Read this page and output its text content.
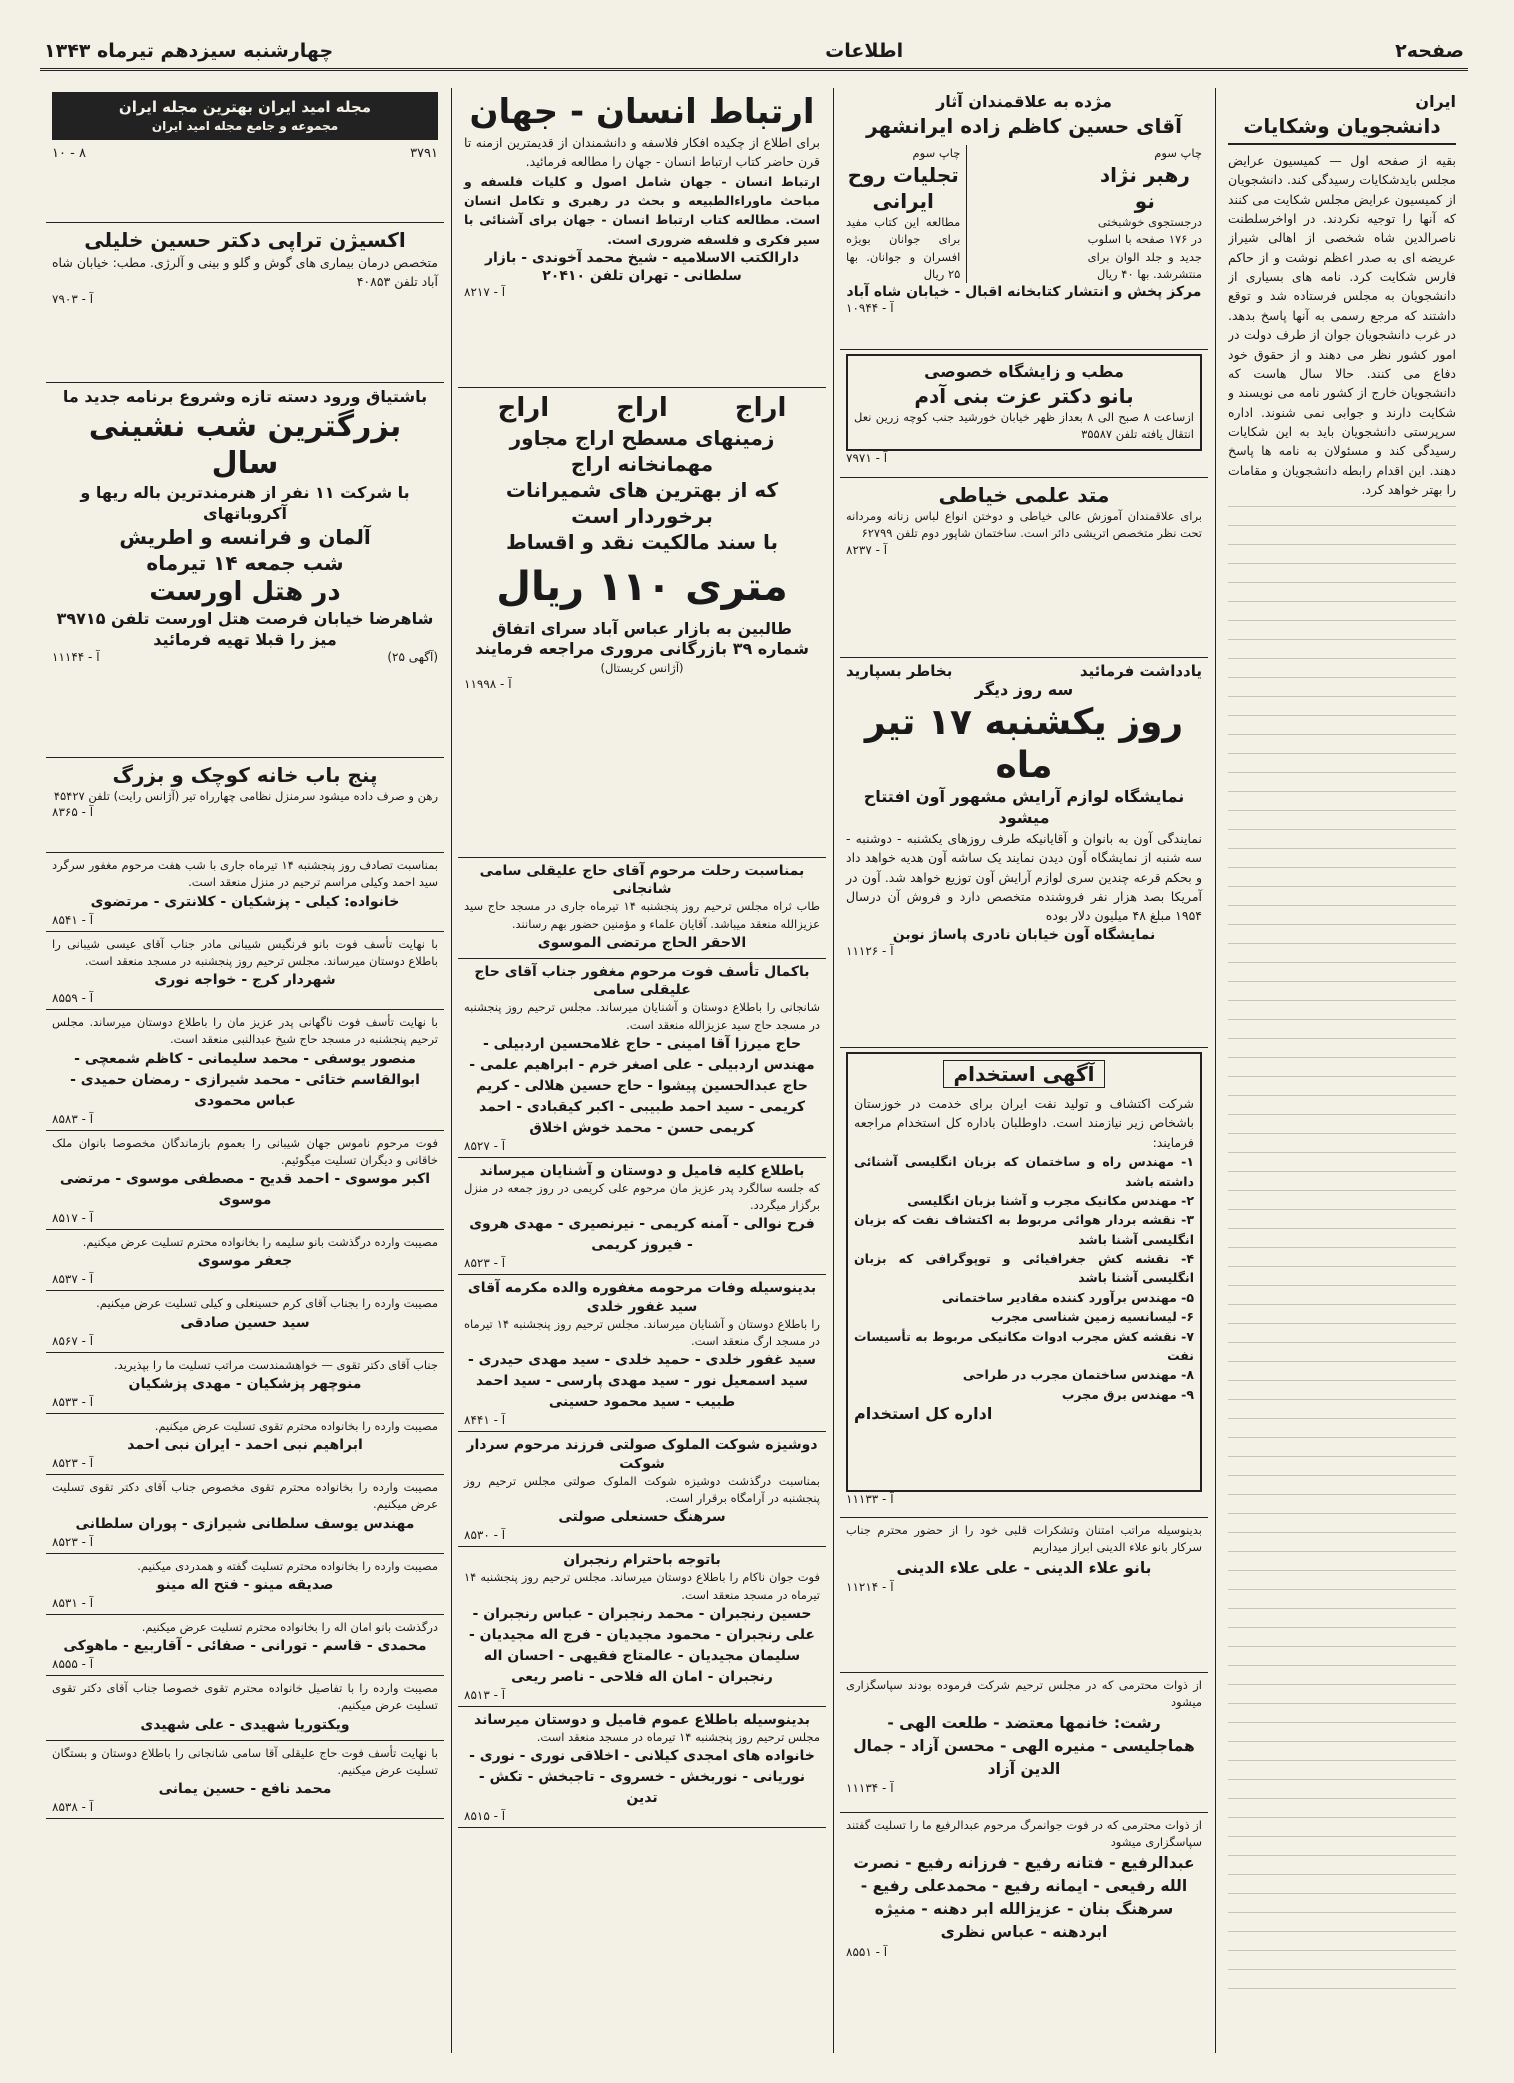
صفحه۲
اطلاعات
چهارشنبه سیزدهم تیرماه ۱۳۴۳
ایران
دانشجویان وشکایات
بقیه از صفحه اول — کمیسیون عرایض مجلس بایدشکایات رسیدگی کند. دانشجویان از کمیسیون عرایض مجلس شکایت می کنند که آنها را توجیه نکردند. در اواخرسلطنت ناصرالدین شاه شخصی از اهالی شیراز عریضه ای به صدر اعظم نوشت و از حاکم فارس شکایت کرد. نامه های بسیاری از دانشجویان به مجلس فرستاده شد و توقع داشتند که مرجع رسمی به آنها پاسخ بدهد. در غرب دانشجویان جوان از طرف دولت در امور کشور نظر می دهند و از حقوق خود دفاع می کنند. حالا سال هاست که دانشجویان خارج از کشور نامه می نویسند و شکایت دارند و جوابی نمی شنوند. اداره سرپرستی دانشجویان باید به این شکایات رسیدگی کند و مسئولان به نامه ها پاسخ دهند. این اقدام رابطه دانشجویان و مقامات را بهتر خواهد کرد.
مژده به علاقمندان آثار
آقای حسین کاظم زاده ایرانشهر
چاپ سوم
رهبر نژاد نو
درجستجوی خوشبختی
در ۱۷۶ صفحه با اسلوب جدید و جلد الوان برای منتشرشد. بها ۴۰ ریال
چاپ سوم
تجلیات روح ایرانی
مطالعه این کتاب مفید برای جوانان بویژه افسران و جوانان. بها ۲۵ ریال
مرکز پخش و انتشار کتابخانه اقبال - خیابان شاه آباد
آ - ۱۰۹۴۴
مطب و زایشگاه خصوصی
بانو دکتر عزت بنی آدم
ازساعت ۸ صبح الی ۸ بعداز ظهر خیابان خورشید جنب کوچه زرین نعل انتقال یافته تلفن ۳۵۵۸۷
آ - ۷۹۷۱
متد علمی خیاطی
برای علاقمندان آموزش عالی خیاطی و دوختن انواع لباس زنانه ومردانه تحت نظر متخصص اتریشی دائر است. ساختمان شاپور دوم تلفن ۶۲۷۹۹
آ - ۸۲۳۷
یادداشت فرمائید
بخاطر بسپارید
سه روز دیگر
روز یکشنبه ۱۷ تیر ماه
نمایشگاه لوازم آرایش مشهور آون افتتاح میشود
نمایندگی آون به بانوان و آقایانیکه طرف روزهای یکشنبه - دوشنبه - سه شنبه از نمایشگاه آون دیدن نمایند یک ساشه آون هدیه خواهد داد و بحکم قرعه چندین سری لوازم آرایش آون توزیع خواهد شد. آون در آمریکا بصد هزار نفر فروشنده متخصص دارد و فروش آن درسال ۱۹۵۴ مبلغ ۴۸ میلیون دلار بوده
نمایشگاه آون خیابان نادری پاساژ نوبن
آ - ۱۱۱۲۶
آگهی استخدام
شرکت اکتشاف و تولید نفت ایران برای خدمت در خوزستان باشخاص زیر نیازمند است. داوطلبان باداره کل استخدام مراجعه فرمایند:
۱- مهندس راه و ساختمان که بزبان انگلیسی آشنائی داشته باشد
۲- مهندس مکانیک مجرب و آشنا بزبان انگلیسی
۳- نقشه بردار هوائی مربوط به اکتشاف نفت که بزبان انگلیسی آشنا باشد
۴- نقشه کش جغرافیائی و توپوگرافی که بزبان انگلیسی آشنا باشد
۵- مهندس برآورد کننده مقادیر ساختمانی
۶- لیسانسیه زمین شناسی مجرب
۷- نقشه کش مجرب ادوات مکانیکی مربوط به تأسیسات نفت
۸- مهندس ساختمان مجرب در طراحی
۹- مهندس برق مجرب
اداره کل استخدام
آ - ۱۱۱۳۳
بدینوسیله مراتب امتنان وتشکرات قلبی خود را از حضور محترم جناب سرکار بانو علاء الدینی ابراز میداریم
بانو علاء الدینی - علی علاء الدینی
آ - ۱۱۲۱۴
از ذوات محترمی که در مجلس ترحیم شرکت فرموده بودند سپاسگزاری میشود
رشت: خانمها معتضد - طلعت الهی - هماجلیسی - منیره الهی - محسن آزاد - جمال الدین آزاد
آ - ۱۱۱۳۴
از ذوات محترمی که در فوت جوانمرگ مرحوم عبدالرفیع ما را تسلیت گفتند سپاسگزاری میشود
عبدالرفیع - فتانه رفیع - فرزانه رفیع - نصرت الله رفیعی - ایمانه رفیع - محمدعلی رفیع - سرهنگ بنان - عزیزالله ابر دهنه - منیژه ابردهنه - عباس نظری
آ - ۸۵۵۱
ارتباط انسان - جهان
برای اطلاع از چکیده افکار فلاسفه و دانشمندان از قدیمترین ازمنه تا قرن حاضر کتاب ارتباط انسان - جهان را مطالعه فرمائید.
ارتباط انسان - جهان شامل اصول و کلیات فلسفه و مباحث ماوراءالطبیعه و بحث در رهبری و تکامل انسان است. مطالعه کتاب ارتباط انسان - جهان برای آشنائی با سیر فکری و فلسفه ضروری است.
دارالکتب الاسلامیه - شیخ محمد آخوندی - بازار سلطانی - تهران تلفن ۲۰۴۱۰
آ - ۸۲۱۷
اراج
اراج
اراج
زمینهای مسطح اراج مجاور مهمانخانه اراج
که از بهترین های شمیرانات برخوردار است
با سند مالکیت نقد و اقساط
متری ۱۱۰ ریال
طالبین به بازار عباس آباد سرای اتفاق شماره ۳۹ بازرگانی مروری مراجعه فرمایند
(آژانس کریستال)
آ - ۱۱۹۹۸
بمناسبت رحلت مرحوم آقای حاج علیقلی سامی شانجانی
طاب ثراه مجلس ترحیم روز پنجشنبه ۱۴ تیرماه جاری در مسجد حاج سید عزیزالله منعقد میباشد. آقایان علماء و مؤمنین حضور بهم رسانند.
الاحقر الحاج مرتضی الموسوی
باکمال تأسف فوت مرحوم مغفور جناب آقای حاج علیقلی سامی
شانجانی را باطلاع دوستان و آشنایان میرساند. مجلس ترحیم روز پنجشنبه در مسجد حاج سید عزیزالله منعقد است.
حاج میرزا آقا امینی - حاج غلامحسین اردبیلی - مهندس اردبیلی - علی اصغر خرم - ابراهیم علمی - حاج عبدالحسین پیشوا - حاج حسین هلالی - کریم کریمی - سید احمد طبیبی - اکبر کیقبادی - احمد کریمی حسن - محمد خوش اخلاق
آ - ۸۵۲۷
باطلاع کلیه فامیل و دوستان و آشنایان میرساند
که جلسه سالگرد پدر عزیز مان مرحوم علی کریمی در روز جمعه در منزل برگزار میگردد.
فرح نوالی - آمنه کریمی - نیرنصیری - مهدی هروی - فیروز کریمی
آ - ۸۵۲۳
بدینوسیله وفات مرحومه مغفوره والده مکرمه آقای سید غفور خلدی
را باطلاع دوستان و آشنایان میرساند. مجلس ترحیم روز پنجشنبه ۱۴ تیرماه در مسجد ارگ منعقد است.
سید غفور خلدی - حمید خلدی - سید مهدی حیدری - سید اسمعیل نور - سید مهدی پارسی - سید احمد طبیب - سید محمود حسینی
آ - ۸۴۴۱
دوشیزه شوکت الملوک صولتی فرزند مرحوم سردار شوکت
بمناسبت درگذشت دوشیزه شوکت الملوک صولتی مجلس ترحیم روز پنجشنبه در آرامگاه برقرار است.
سرهنگ حسنعلی صولتی
آ - ۸۵۳۰
باتوجه باحترام رنجبران
فوت جوان ناکام را باطلاع دوستان میرساند. مجلس ترحیم روز پنجشنبه ۱۴ تیرماه در مسجد منعقد است.
حسین رنجبران - محمد رنجبران - عباس رنجبران - علی رنجبران - محمود مجیدیان - فرج اله مجیدیان - سلیمان مجیدیان - عالمتاج فقیهی - احسان اله رنجبران - امان اله فلاحی - ناصر ریعی
آ - ۸۵۱۳
بدینوسیله باطلاع عموم فامیل و دوستان میرساند
مجلس ترحیم روز پنجشنبه ۱۴ تیرماه در مسجد منعقد است.
خانواده های امجدی کیلانی - اخلاقی نوری - نوری - نوریانی - نوربخش - خسروی - تاجبخش - تکش - تدین
آ - ۸۵۱۵
مجله امید ایران بهترین مجله ایران
مجموعه و جامع مجله امید ایران
۳۷۹۱
۸ - ۱۰
اکسیژن تراپی دکتر حسین خلیلی
متخصص درمان بیماری های گوش و گلو و بینی و آلرژی. مطب: خیابان شاه آباد تلفن ۴۰۸۵۳
آ - ۷۹۰۳
باشتیاق ورود دسته تازه وشروع برنامه جدید ما
بزرگترین شب نشینی سال
با شرکت ۱۱ نفر از هنرمندترین باله ریها و آکروباتهای
آلمان و فرانسه و اطریش
شب جمعه ۱۴ تیرماه
در هتل اورست
شاهرضا خیابان فرصت هتل اورست تلفن ۳۹۷۱۵
میز را قبلا تهیه فرمائید
(آگهی ۲۵)
آ - ۱۱۱۴۴
پنج باب خانه کوچک و بزرگ
رهن و صرف داده میشود سرمنزل نظامی چهارراه تیر (آژانس رایت) تلفن ۴۵۴۲۷
آ - ۸۳۶۵
بمناسبت تصادف روز پنجشنبه ۱۴ تیرماه جاری با شب هفت مرحوم مغفور سرگرد سید احمد وکیلی مراسم ترحیم در منزل منعقد است.
خانواده: کیلی - پزشکیان - کلانتری - مرتضوی
آ - ۸۵۴۱
با نهایت تأسف فوت بانو فرنگیس شیبانی مادر جناب آقای عیسی شیبانی را باطلاع دوستان میرساند. مجلس ترحیم روز پنجشنبه در مسجد منعقد است.
شهردار کرج - خواجه نوری
آ - ۸۵۵۹
با نهایت تأسف فوت ناگهانی پدر عزیز مان را باطلاع دوستان میرساند. مجلس ترحیم پنجشنبه در مسجد حاج شیخ عبدالنبی منعقد است.
منصور یوسفی - محمد سلیمانی - کاظم شمعچی - ابوالقاسم ختائی - محمد شیرازی - رمضان حمیدی - عباس محمودی
آ - ۸۵۸۳
فوت مرحوم ناموس جهان شیبانی را بعموم بازماندگان مخصوصا بانوان ملک خاقانی و دیگران تسلیت میگوئیم.
اکبر موسوی - احمد قدیح - مصطفی موسوی - مرتضی موسوی
آ - ۸۵۱۷
مصیبت وارده درگذشت بانو سلیمه را بخانواده محترم تسلیت عرض میکنیم.
جعفر موسوی
آ - ۸۵۳۷
مصیبت وارده را بجناب آقای کرم حسینعلی و کیلی تسلیت عرض میکنیم.
سید حسین صادقی
آ - ۸۵۶۷
جناب آقای دکتر تقوی — خواهشمندست مراتب تسلیت ما را بپذیرید.
منوچهر پزشکیان - مهدی پزشکیان
آ - ۸۵۳۳
مصیبت وارده را بخانواده محترم تقوی تسلیت عرض میکنیم.
ابراهیم نبی احمد - ایران نبی احمد
آ - ۸۵۲۳
مصیبت وارده را بخانواده محترم تقوی مخصوص جناب آقای دکتر تقوی تسلیت عرض میکنیم.
مهندس یوسف سلطانی شیرازی - پوران سلطانی
آ - ۸۵۲۳
مصیبت وارده را بخانواده محترم تسلیت گفته و همدردی میکنیم.
صدیقه مینو - فتح اله مینو
آ - ۸۵۳۱
درگذشت بانو امان اله را بخانواده محترم تسلیت عرض میکنیم.
محمدی - قاسم - تورانی - صفائی - آقاربیع - ماهوکی
آ - ۸۵۵۵
مصیبت وارده را با تفاصیل خانواده محترم تقوی خصوصا جناب آقای دکتر تقوی تسلیت عرض میکنیم.
ویکتوریا شهیدی - علی شهیدی
با نهایت تأسف فوت حاج علیقلی آقا سامی شانجانی را باطلاع دوستان و بستگان تسلیت عرض میکنیم.
محمد نافع - حسین یمانی
آ - ۸۵۳۸
